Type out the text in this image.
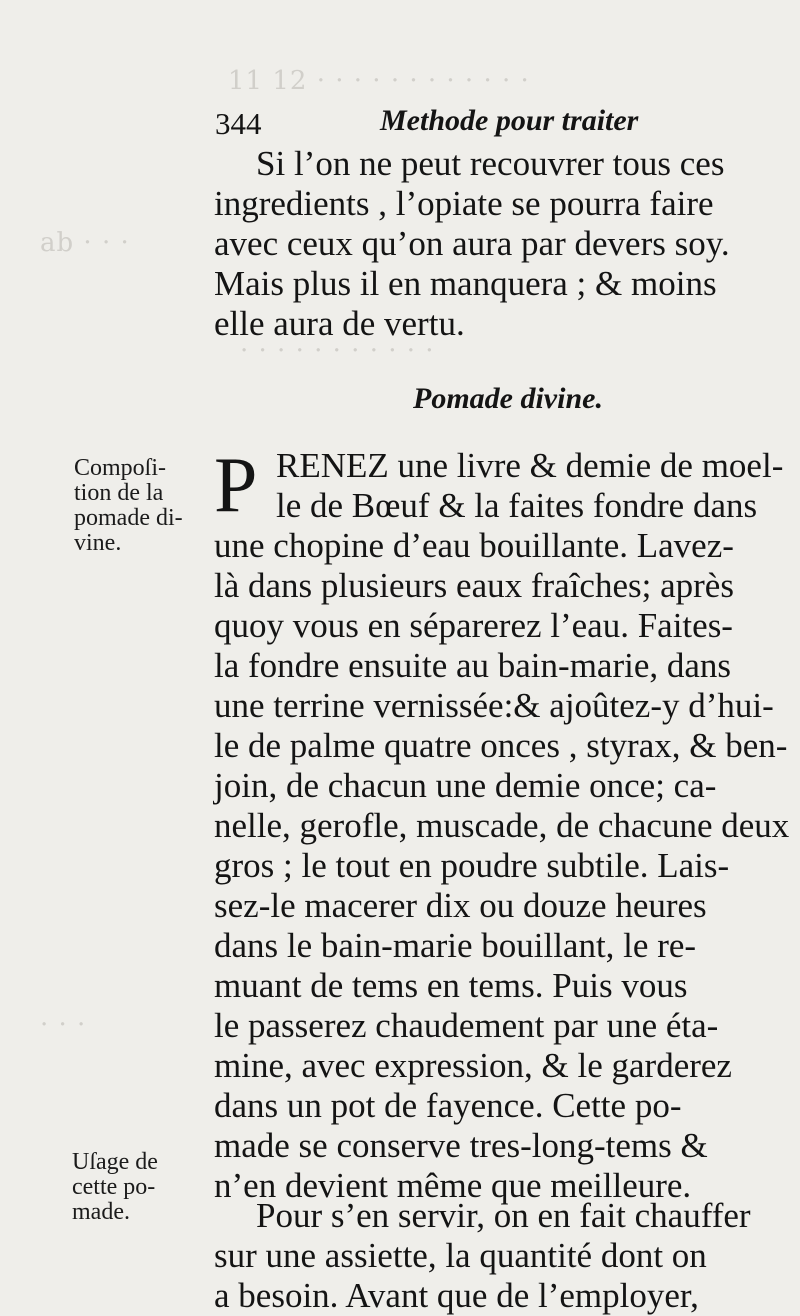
11 12 · · · · · · · · · · · ·
ab · · ·
· · · · · · · · · · ·
· · ·
344	Methode pour traiter
Si l’on ne peut recouvrer tous ces
ingredients , l’opiate se pourra faire
avec ceux qu’on aura par devers soy.
Mais plus il en manquera ; & moins
elle aura de vertu.
Pomade divine.
P RENEZ une livre & demie de moel-
le de Bœuf & la faites fondre dans
une chopine d’eau bouillante. Lavez-
là dans plusieurs eaux fraîches; après
quoy vous en séparerez l’eau. Faites-
la fondre ensuite au bain-marie, dans
une terrine vernissée:& ajoûtez-y d’hui-
le de palme quatre onces , styrax, & ben-
join, de chacun une demie once; ca-
nelle, gerofle, muscade, de chacune deux
gros ; le tout en poudre subtile. Lais-
sez-le macerer dix ou douze heures
dans le bain-marie bouillant, le re-
muant de tems en tems. Puis vous
le passerez chaudement par une éta-
mine, avec expression, & le garderez
dans un pot de fayence. Cette po-
made se conserve tres-long-tems &
n’en devient même que meilleure.
Pour s’en servir, on en fait chauffer
sur une assiette, la quantité dont on
a besoin. Avant que de l’employer,
Compoſi-
tion de la
pomade di-
vine.
Uſage de
cette po-
made.
